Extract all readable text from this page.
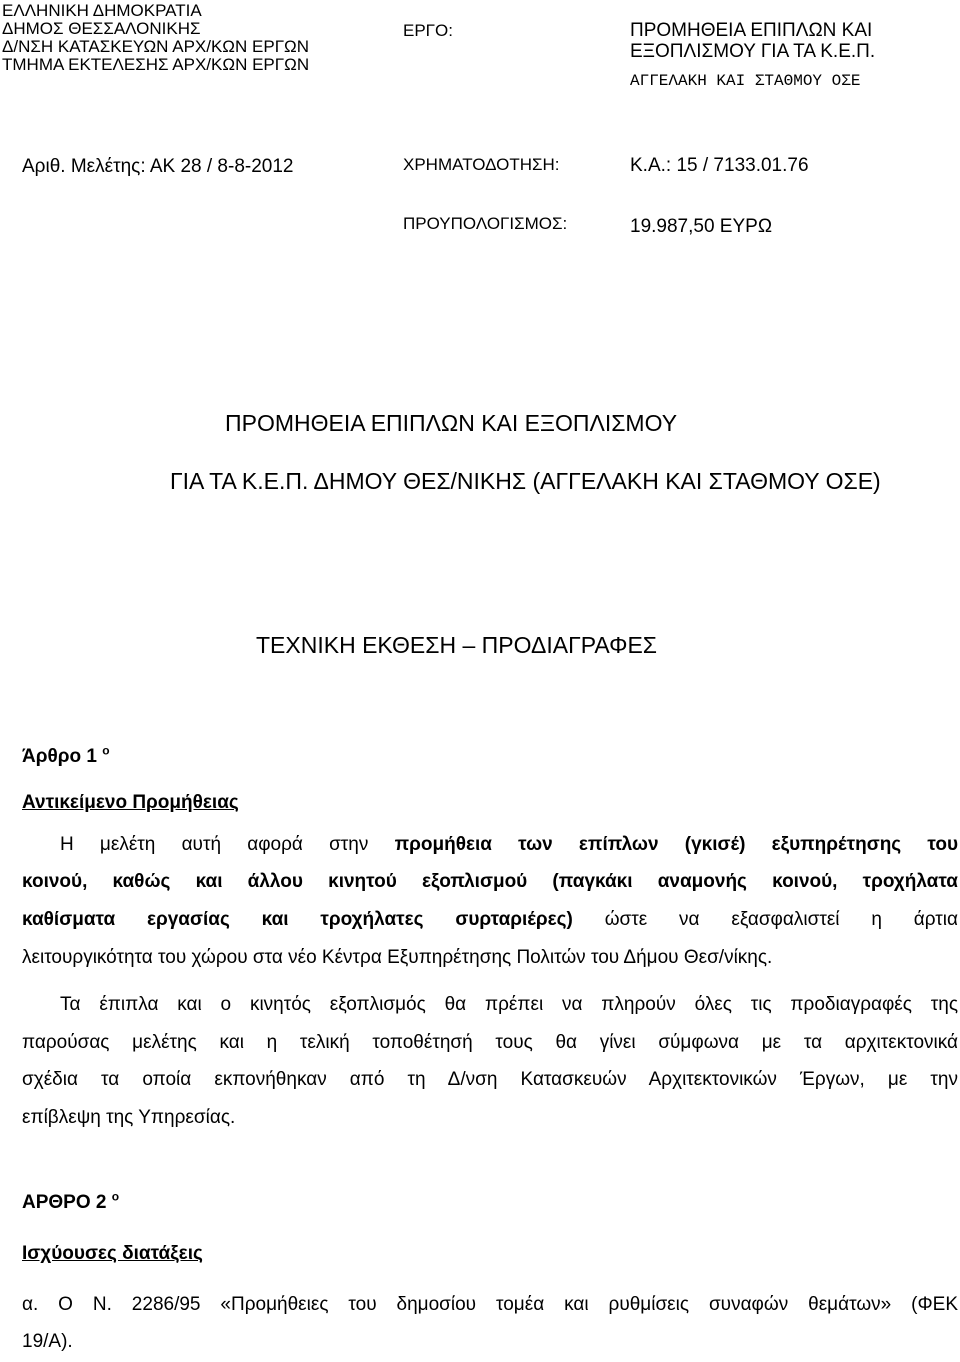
ΕΛΛΗΝΙΚΗ ΔΗΜΟΚΡΑΤΙΑ
ΔΗΜΟΣ ΘΕΣΣΑΛΟΝΙΚΗΣ
Δ/ΝΣΗ ΚΑΤΑΣΚΕΥΩΝ ΑΡΧ/ΚΩΝ ΕΡΓΩΝ
ΤΜΗΜΑ ΕΚΤΕΛΕΣΗΣ ΑΡΧ/ΚΩΝ ΕΡΓΩΝ
ΕΡΓΟ:	ΠΡΟΜΗΘΕΙΑ ΕΠΙΠΛΩΝ ΚΑΙ
ΕΞΟΠΛΙΣΜΟΥ ΓΙΑ ΤΑ Κ.Ε.Π.
ΑΓΓΕΛΑΚΗ ΚΑΙ ΣΤΑΘΜΟΥ ΟΣΕ
Αριθ. Μελέτης: ΑΚ 28 / 8-8-2012	ΧΡΗΜΑΤΟΔΟΤΗΣΗ:	Κ.Α.: 15 / 7133.01.76
ΠΡΟΥΠΟΛΟΓΙΣΜΟΣ:	19.987,50 ΕΥΡΩ
ΠΡΟΜΗΘΕΙΑ ΕΠΙΠΛΩΝ ΚΑΙ ΕΞΟΠΛΙΣΜΟΥ
ΓΙΑ ΤΑ Κ.Ε.Π. ΔΗΜΟΥ ΘΕΣ/ΝΙΚΗΣ (ΑΓΓΕΛΑΚΗ ΚΑΙ ΣΤΑΘΜΟΥ ΟΣΕ)
ΤΕΧΝΙΚΗ ΕΚΘΕΣΗ – ΠΡΟΔΙΑΓΡΑΦΕΣ
Άρθρο 1 $^o$
Αντικείμενο Προμήθειας
Η μελέτη αυτή αφορά στην προμήθεια των επίπλων (γκισέ) εξυπηρέτησης του
κοινού, καθώς και άλλου κινητού εξοπλισμού (παγκάκι αναμονής κοινού, τροχήλατα
καθίσματα εργασίας και τροχήλατες συρταριέρες) ώστε να εξασφαλιστεί η άρτια
λειτουργικότητα του χώρου στα νέο Κέντρα Εξυπηρέτησης Πολιτών του Δήμου Θεσ/νίκης.
Τα έπιπλα και ο κινητός εξοπλισμός θα πρέπει να πληρούν όλες τις προδιαγραφές της
παρούσας μελέτης και η τελική τοποθέτησή τους θα γίνει σύμφωνα με τα αρχιτεκτονικά
σχέδια τα οποία εκπονήθηκαν από τη Δ/νση Κατασκευών Αρχιτεκτονικών Έργων, με την
επίβλεψη της Υπηρεσίας.
ΑΡΘΡΟ 2 $^o$
Ισχύουσες διατάξεις
α. Ο Ν. 2286/95 «Προμήθειες του δημοσίου τομέα και ρυθμίσεις συναφών θεμάτων» (ΦΕΚ
19/Α).
